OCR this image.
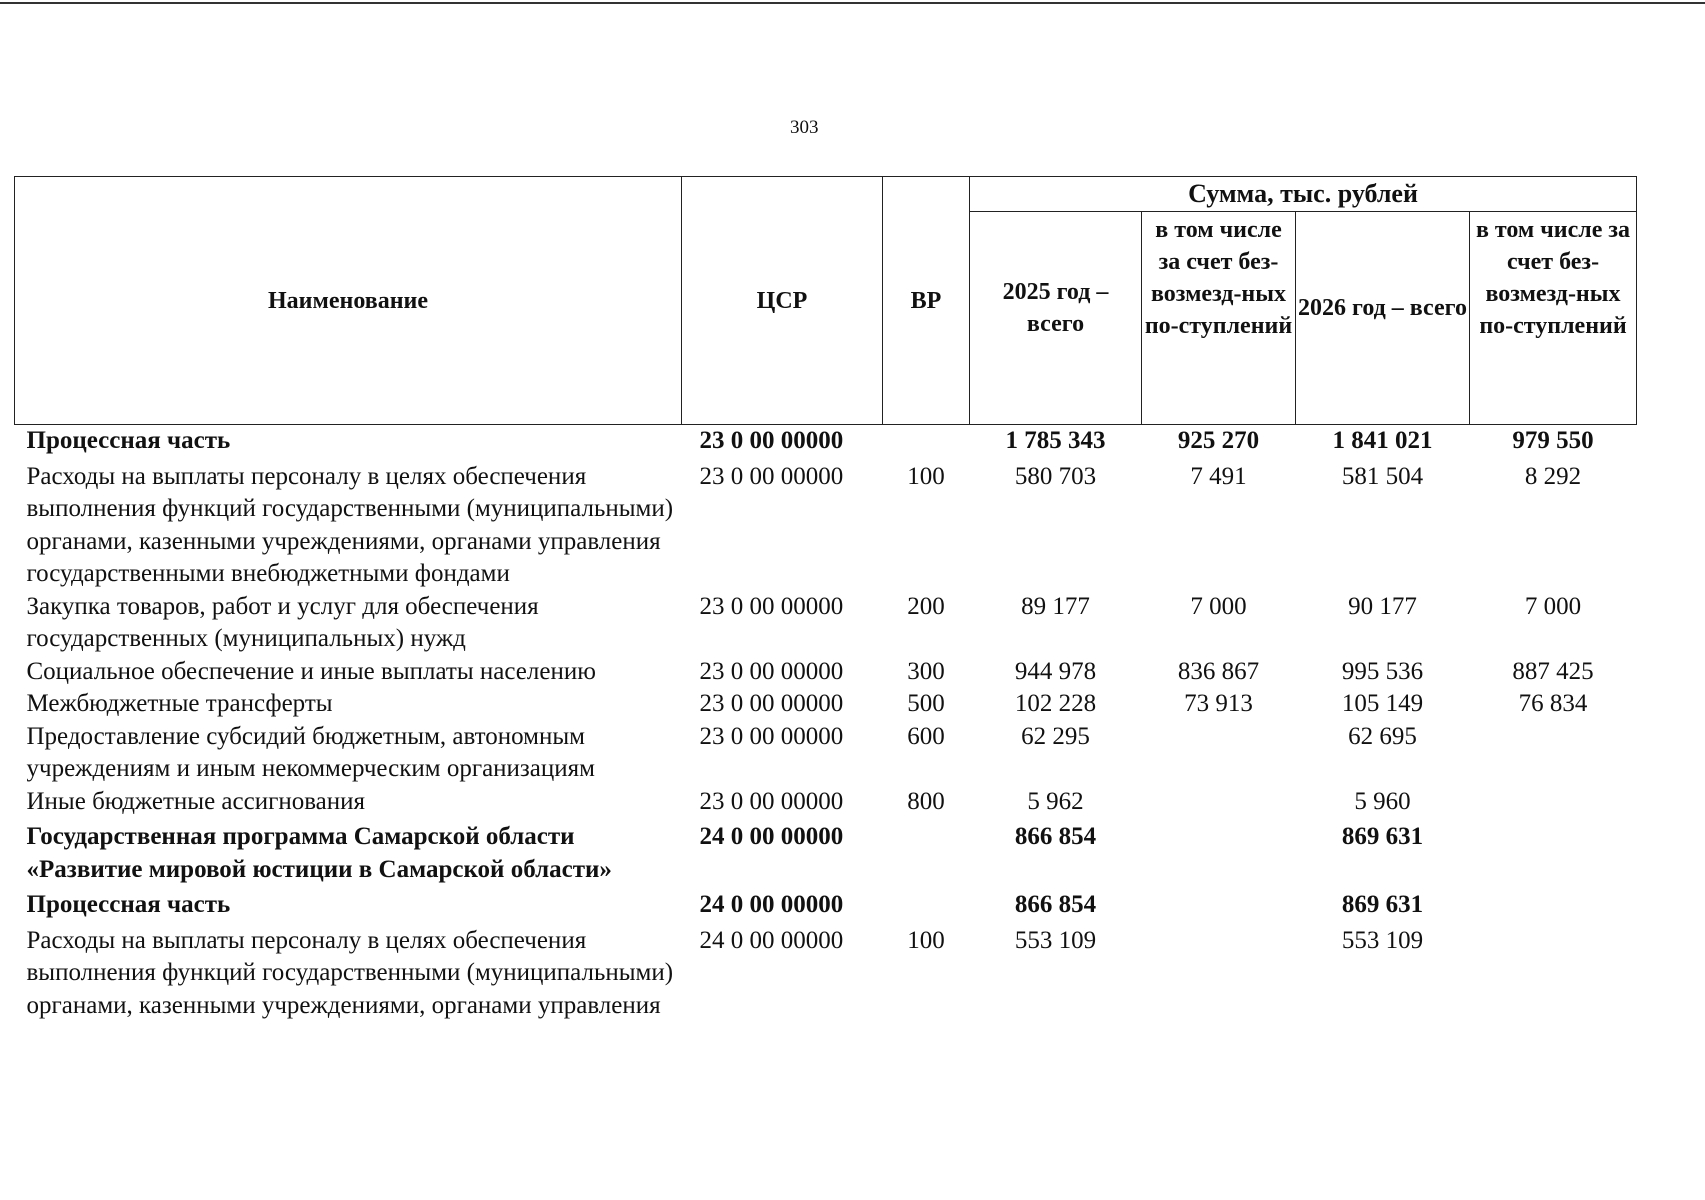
303
Наименование	ЦСР	ВР	Сумма, тыс. рублей			
			2025 год – всего	в том числе за счет без-возмезд-ных по-ступлений	2026 год – всего	в том числе за счет без-возмезд-ных по-ступлений
Процессная часть	23 0 00 00000		1 785 343	925 270	1 841 021	979 550
Расходы на выплаты персоналу в целях обеспечения выполнения функций государственными (муниципальными) органами, казенными учреждениями, органами управления государственными внебюджетными фондами	23 0 00 00000	100	580 703	7 491	581 504	8 292
Закупка товаров, работ и услуг для обеспечения государственных (муниципальных) нужд	23 0 00 00000	200	89 177	7 000	90 177	7 000
Социальное обеспечение и иные выплаты населению	23 0 00 00000	300	944 978	836 867	995 536	887 425
Межбюджетные трансферты	23 0 00 00000	500	102 228	73 913	105 149	76 834
Предоставление субсидий бюджетным, автономным учреждениям и иным некоммерческим организациям	23 0 00 00000	600	62 295		62 695	
Иные бюджетные ассигнования	23 0 00 00000	800	5 962		5 960	
Государственная программа Самарской области «Развитие мировой юстиции в Самарской области»	24 0 00 00000		866 854		869 631	
Процессная часть	24 0 00 00000		866 854		869 631	
Расходы на выплаты персоналу в целях обеспечения выполнения функций государственными (муниципальными) органами, казенными учреждениями, органами управления	24 0 00 00000	100	553 109		553 109	
